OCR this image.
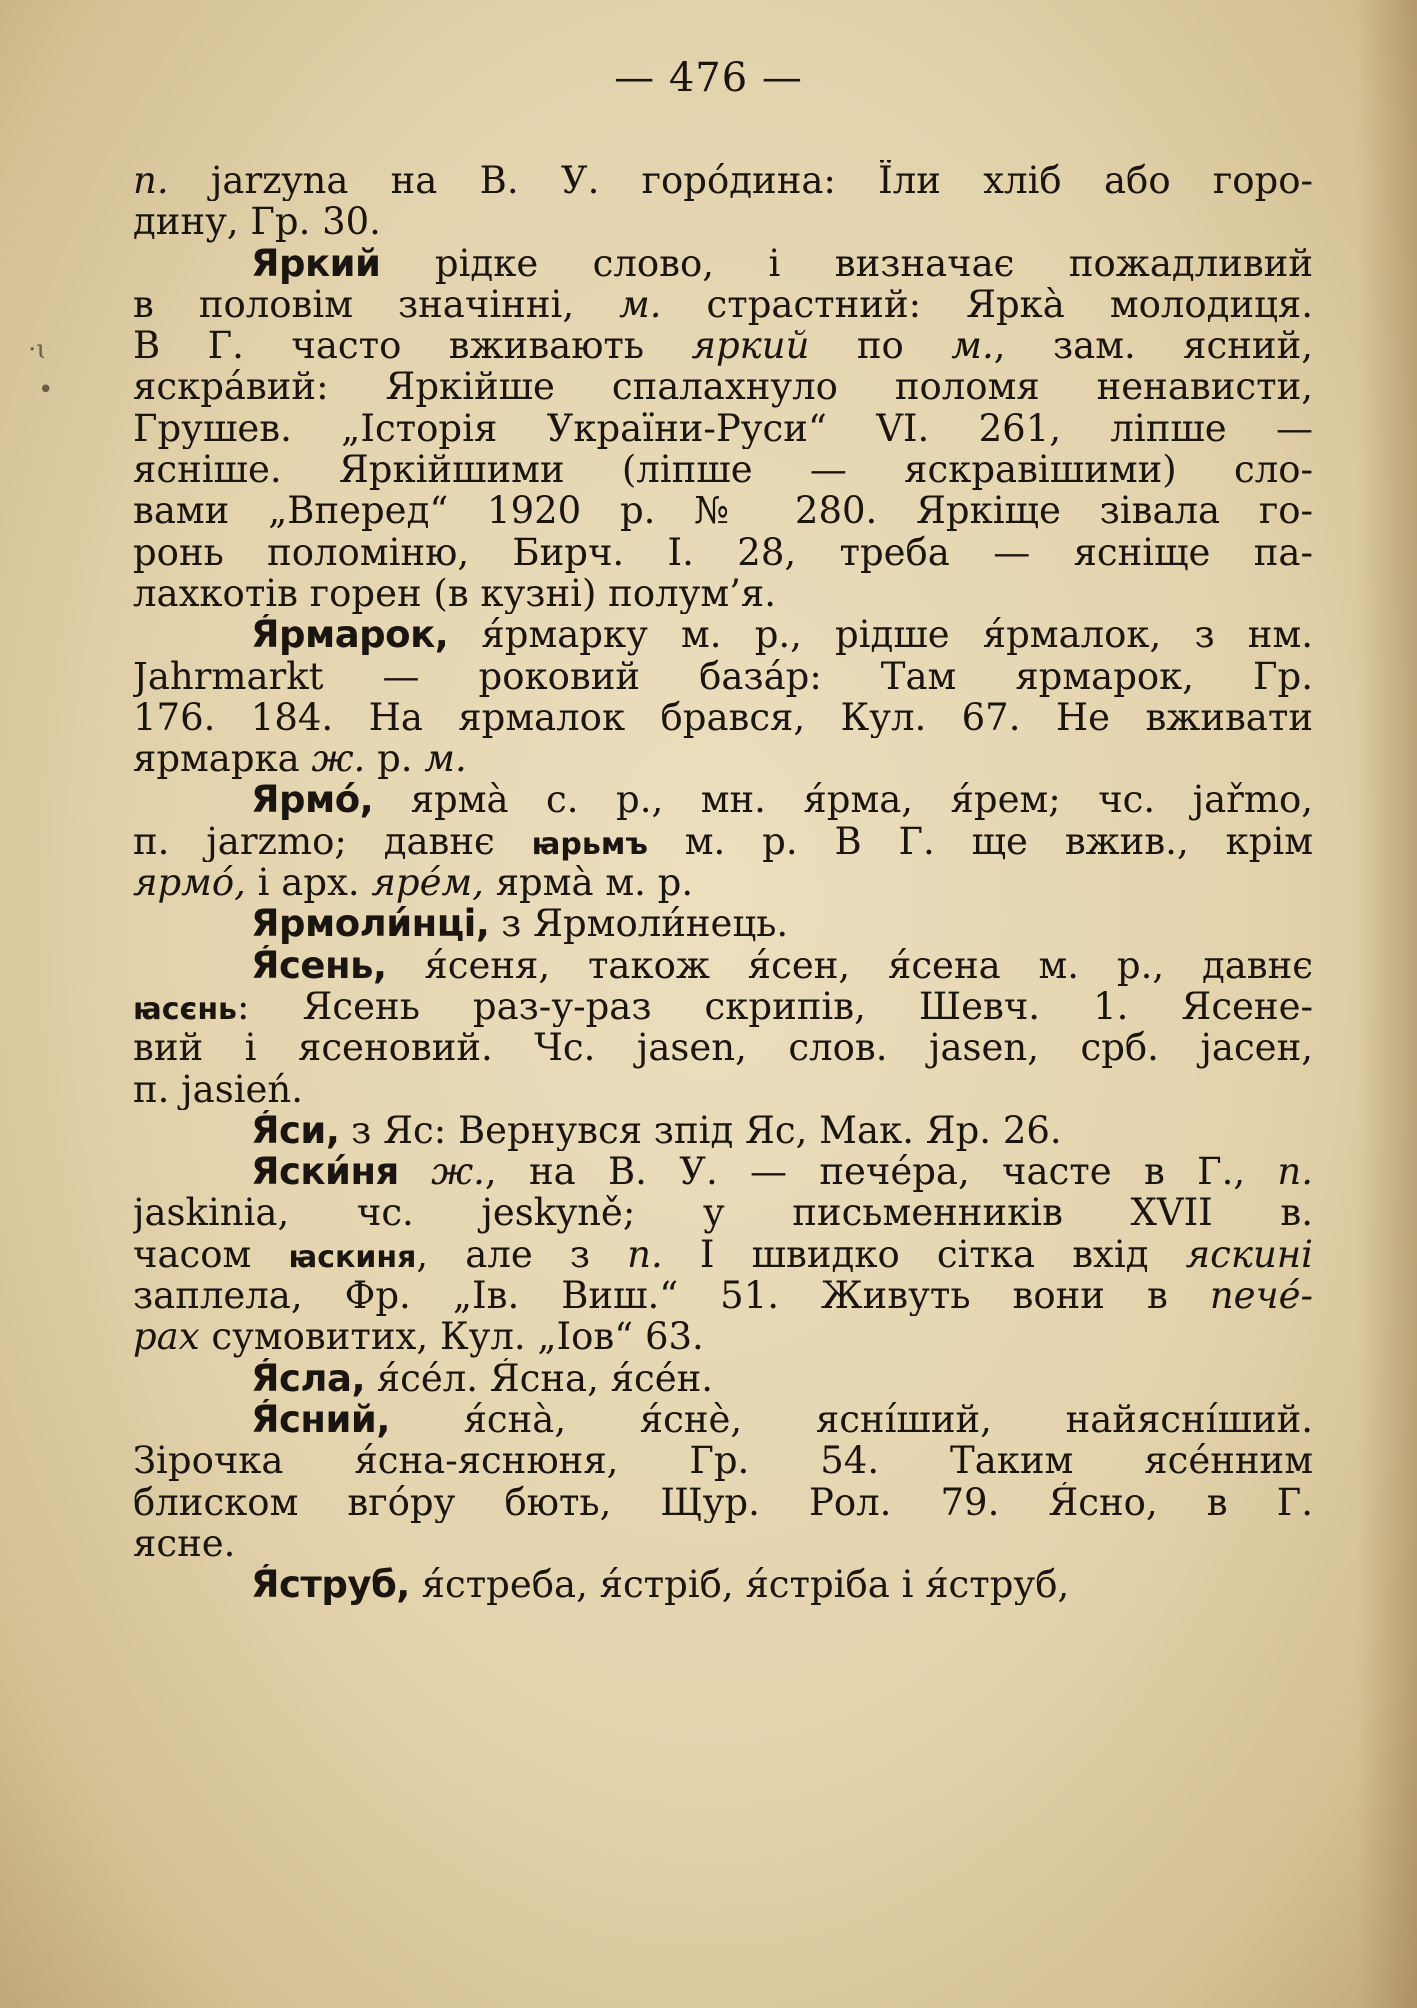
— 476 —
·ɩ
•
п. jarzyna на В. У. горо́дина: Їли хліб або горо-
дину, Гр. 30.
Яркий рідке слово, і визначає пожадливий
в половім значінні, м. страстний: Ярка̀ молодиця.
В Г. часто вживають яркий по м., зам. ясний,
яскра́вий: Яркійше спалахнуло поломя ненависти,
Грушев. „Історія України-Руси“ VI. 261, ліпше —
ясніше. Яркійшими (ліпше — яскравішими) сло-
вами „Вперед“ 1920 р. № 280. Яркіще зівала го-
ронь поломіню, Бирч. І. 28, треба — ясніще па-
лахкотів горен (в кузні) полум’я.
Я́рмарок, я́рмарку м. р., рідше я́рмалок, з нм.
Jahrmarkt — роковий база́р: Там ярмарок, Гр.
176. 184. На ярмалок брався, Кул. 67. Не вживати
ярмарка ж. р. м.
Ярмо́, ярма̀ с. р., мн. я́рма, я́рем; чс. jařmo,
п. jarzmo; давнє ꙗрьмъ м. р. В Г. ще вжив., крім
ярмо́, і арх. яре́м, ярма̀ м. р.
Ярмоли́нці, з Ярмоли́нець.
Я́сень, я́сеня, також я́сен, я́сена м. р., давнє
ꙗсєнь: Ясень раз-у-раз скрипів, Шевч. 1. Ясене-
вий і ясеновий. Чс. jasen, слов. jasen, срб. jасен,
п. jasień.
Я́си, з Яс: Вернувся зпід Яс, Мак. Яр. 26.
Яски́ня ж., на В. У. — пече́ра, часте в Г., п.
jaskinia, чс. jeskyně; у письменників XVII в.
часом ꙗскиня, але з п. І швидко сітка вхід яскині
заплела, Фр. „Ів. Виш.“ 51. Живуть вони в пече́-
рах сумовитих, Кул. „Іов“ 63.
Я́сла, я́се́л. Я́сна, я́се́н.
Я́сний, я́сна̀, я́снѐ, ясні́ший, найясні́ший.
Зірочка я́сна-яснюня, Гр. 54. Таким ясе́нним
блиском вго́ру бють, Щур. Рол. 79. Я́сно, в Г.
ясне.
Я́струб, я́стреба, я́стріб, я́стріба і я́струб,
